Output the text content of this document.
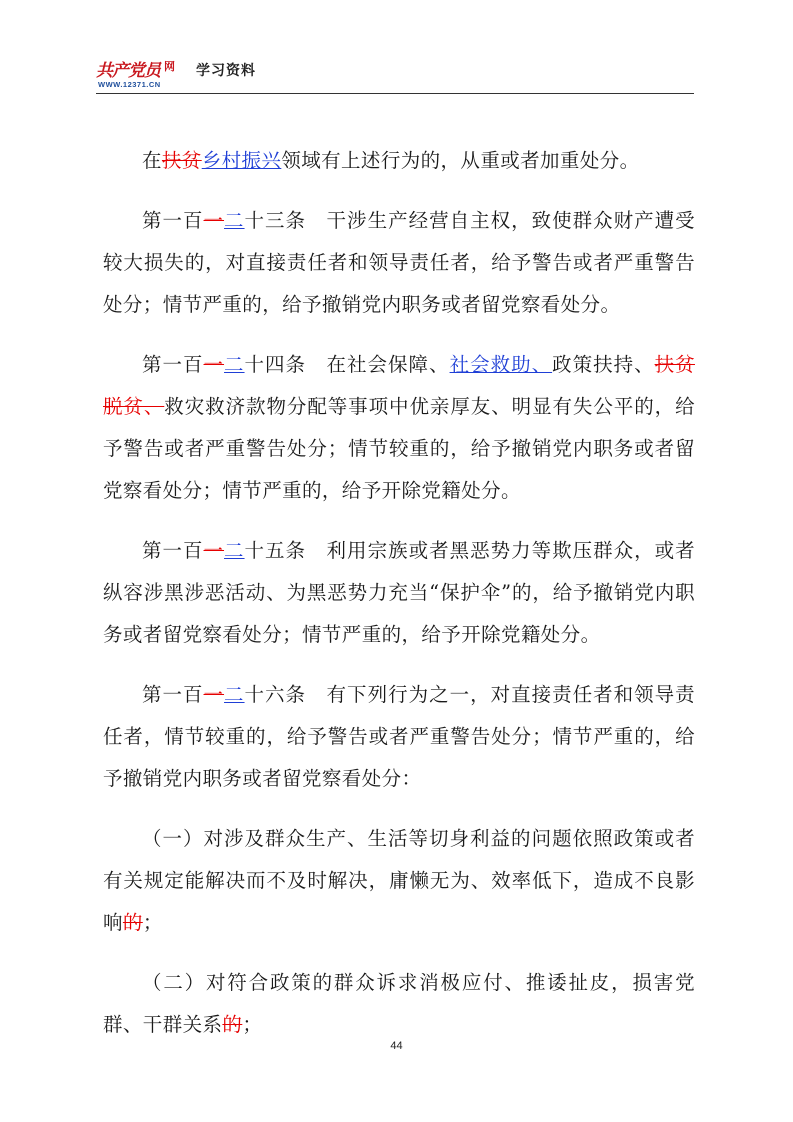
共产党员 网
WWW.12371.CN
学习资料

在扶贫乡村振兴领域有上述行为的，从重或者加重处分。

第一百一二十三条　干涉生产经营自主权，致使群众财产遭受较大损失的，对直接责任者和领导责任者，给予警告或者严重警告处分；情节严重的，给予撤销党内职务或者留党察看处分。

第一百一二十四条　在社会保障、社会救助、政策扶持、扶贫脱贫、救灾救济款物分配等事项中优亲厚友、明显有失公平的，给予警告或者严重警告处分；情节较重的，给予撤销党内职务或者留党察看处分；情节严重的，给予开除党籍处分。

第一百一二十五条　利用宗族或者黑恶势力等欺压群众，或者纵容涉黑涉恶活动、为黑恶势力充当“保护伞”的，给予撤销党内职务或者留党察看处分；情节严重的，给予开除党籍处分。

第一百一二十六条　有下列行为之一，对直接责任者和领导责任者，情节较重的，给予警告或者严重警告处分；情节严重的，给予撤销党内职务或者留党察看处分：

（一）对涉及群众生产、生活等切身利益的问题依照政策或者有关规定能解决而不及时解决，庸懒无为、效率低下，造成不良影响的；

（二）对符合政策的群众诉求消极应付、推诿扯皮，损害党群、干群关系的；

44
